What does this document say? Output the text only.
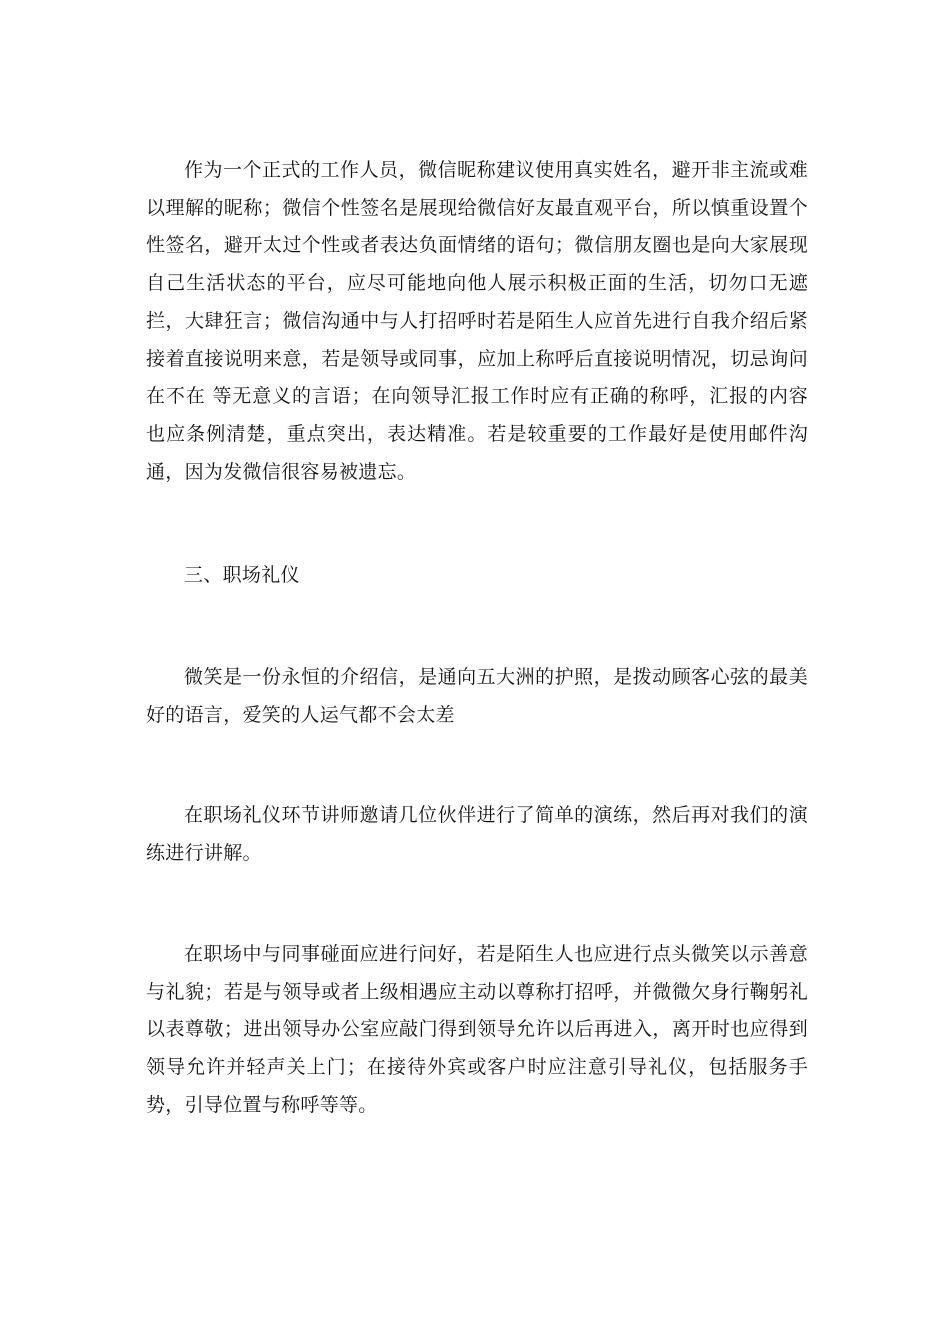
作为一个正式的工作人员，微信昵称建议使用真实姓名，避开非主流或难以理解的昵称；微信个性签名是展现给微信好友最直观平台，所以慎重设置个性签名，避开太过个性或者表达负面情绪的语句；微信朋友圈也是向大家展现自己生活状态的平台，应尽可能地向他人展示积极正面的生活，切勿口无遮拦，大肆狂言；微信沟通中与人打招呼时若是陌生人应首先进行自我介绍后紧接着直接说明来意，若是领导或同事，应加上称呼后直接说明情况，切忌询问 在不在 等无意义的言语；在向领导汇报工作时应有正确的称呼，汇报的内容也应条例清楚，重点突出，表达精准。若是较重要的工作最好是使用邮件沟通，因为发微信很容易被遗忘。

三、职场礼仪

微笑是一份永恒的介绍信，是通向五大洲的护照，是拨动顾客心弦的最美好的语言，爱笑的人运气都不会太差

在职场礼仪环节讲师邀请几位伙伴进行了简单的演练，然后再对我们的演练进行讲解。

在职场中与同事碰面应进行问好，若是陌生人也应进行点头微笑以示善意与礼貌；若是与领导或者上级相遇应主动以尊称打招呼，并微微欠身行鞠躬礼以表尊敬；进出领导办公室应敲门得到领导允许以后再进入，离开时也应得到领导允许并轻声关上门；在接待外宾或客户时应注意引导礼仪，包括服务手势，引导位置与称呼等等。
